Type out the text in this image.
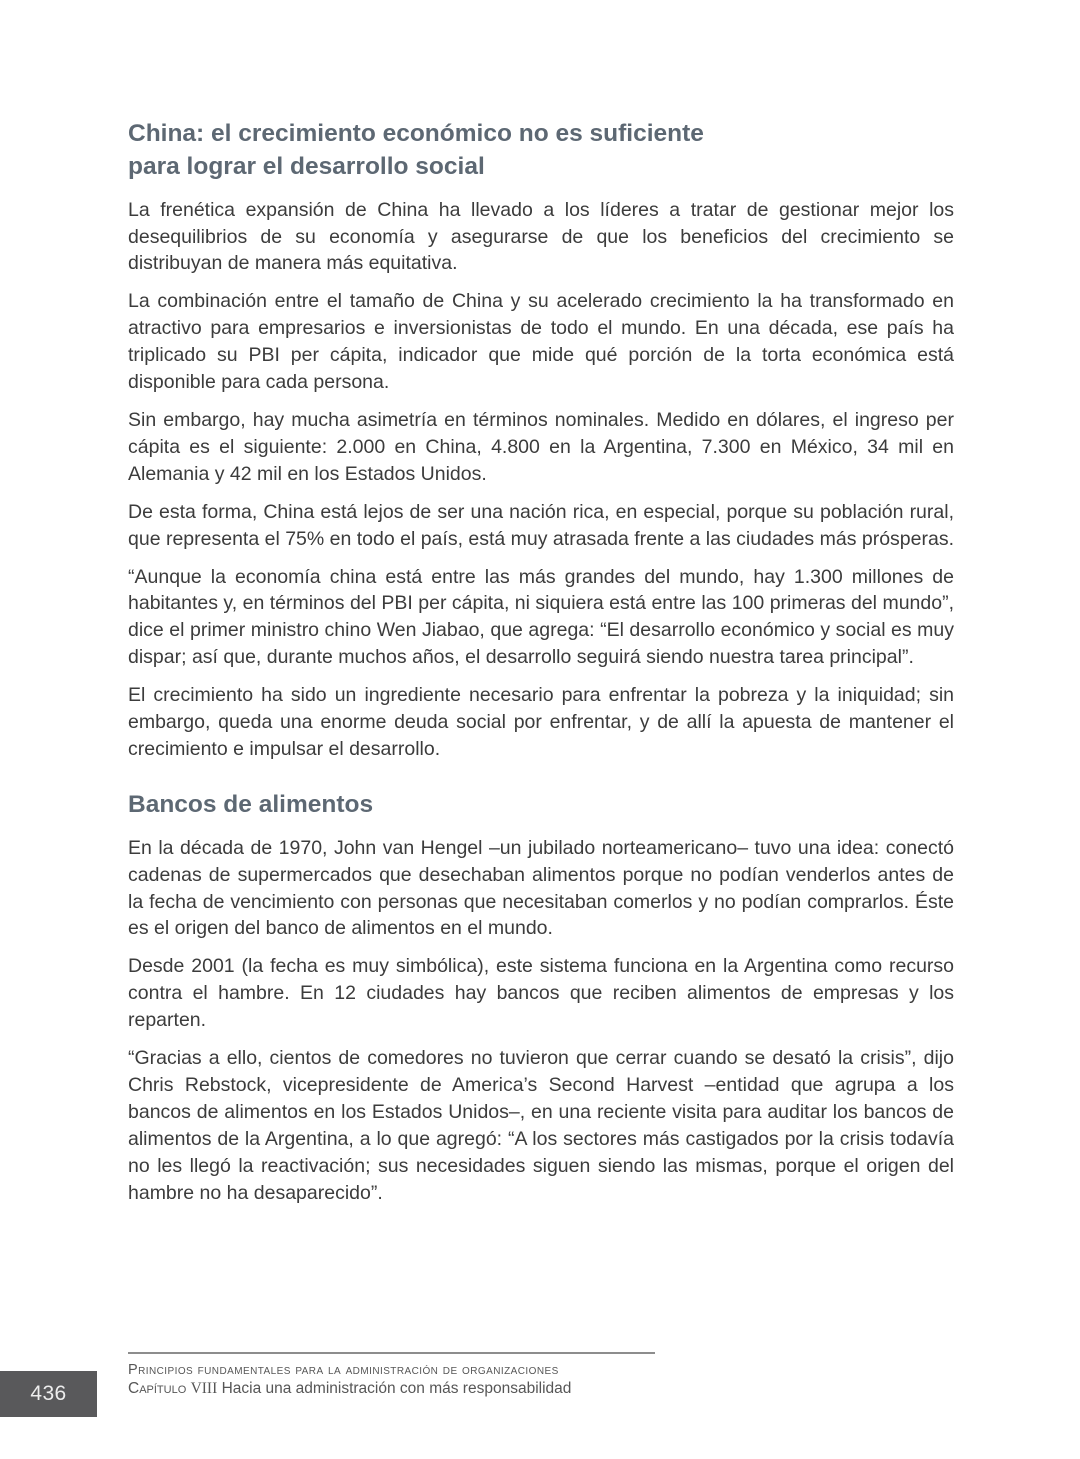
China: el crecimiento económico no es suficiente
para lograr el desarrollo social

La frenética expansión de China ha llevado a los líderes a tratar de gestionar mejor los desequilibrios de su economía y asegurarse de que los beneficios del crecimiento se distribuyan de manera más equitativa.

La combinación entre el tamaño de China y su acelerado crecimiento la ha transformado en atractivo para empresarios e inversionistas de todo el mundo. En una década, ese país ha triplicado su PBI per cápita, indicador que mide qué porción de la torta económica está disponible para cada persona.

Sin embargo, hay mucha asimetría en términos nominales. Medido en dólares, el ingreso per cápita es el siguiente: 2.000 en China, 4.800 en la Argentina, 7.300 en México, 34 mil en Alemania y 42 mil en los Estados Unidos.

De esta forma, China está lejos de ser una nación rica, en especial, porque su población rural, que representa el 75% en todo el país, está muy atrasada frente a las ciudades más prósperas.

“Aunque la economía china está entre las más grandes del mundo, hay 1.300 millones de habitantes y, en términos del PBI per cápita, ni siquiera está entre las 100 primeras del mundo”, dice el primer ministro chino Wen Jiabao, que agrega: “El desarrollo económico y social es muy dispar; así que, durante muchos años, el desarrollo seguirá siendo nuestra tarea principal”.

El crecimiento ha sido un ingrediente necesario para enfrentar la pobreza y la iniquidad; sin embargo, queda una enorme deuda social por enfrentar, y de allí la apuesta de mantener el crecimiento e impulsar el desarrollo.

Bancos de alimentos

En la década de 1970, John van Hengel –un jubilado norteamericano– tuvo una idea: conectó cadenas de supermercados que desechaban alimentos porque no podían venderlos antes de la fecha de vencimiento con personas que necesitaban comerlos y no podían comprarlos. Éste es el origen del banco de alimentos en el mundo.

Desde 2001 (la fecha es muy simbólica), este sistema funciona en la Argentina como recurso contra el hambre. En 12 ciudades hay bancos que reciben alimentos de empresas y los reparten.

“Gracias a ello, cientos de comedores no tuvieron que cerrar cuando se desató la crisis”, dijo Chris Rebstock, vicepresidente de America’s Second Harvest –entidad que agrupa a los bancos de alimentos en los Estados Unidos–, en una reciente visita para auditar los bancos de alimentos de la Argentina, a lo que agregó: “A los sectores más castigados por la crisis todavía no les llegó la reactivación; sus necesidades siguen siendo las mismas, porque el origen del hambre no ha desaparecido”.

436
Principios fundamentales para la administración de organizaciones
Capítulo VIII Hacia una administración con más responsabilidad
